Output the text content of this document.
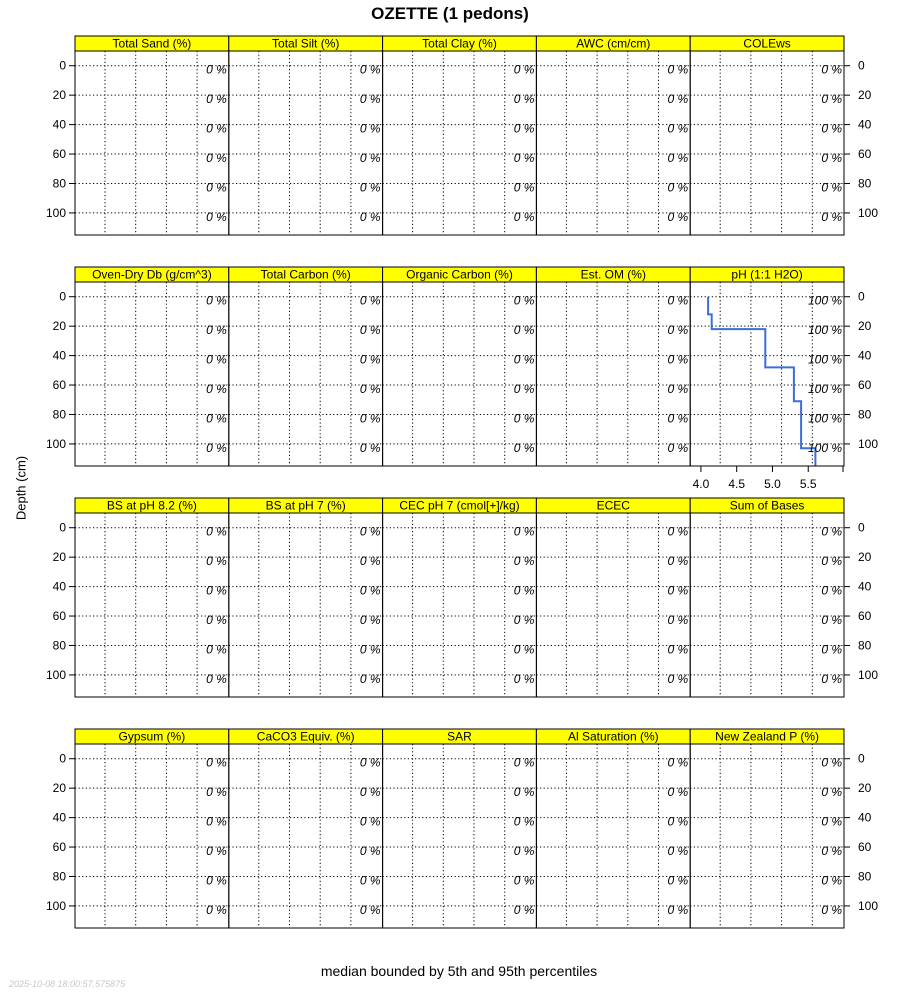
OZETTE (1 pedons)
Depth (cm)
Total Sand (%)
0 %
0 %
0 %
0 %
0 %
0 %
Total Silt (%)
0 %
0 %
0 %
0 %
0 %
0 %
Total Clay (%)
0 %
0 %
0 %
0 %
0 %
0 %
AWC (cm/cm)
0 %
0 %
0 %
0 %
0 %
0 %
COLEws
0 %
0 %
0 %
0 %
0 %
0 %
0	0
20	20
40	40
60	60
80	80
100	100
Oven-Dry Db (g/cm^3)
0 %
0 %
0 %
0 %
0 %
0 %
Total Carbon (%)
0 %
0 %
0 %
0 %
0 %
0 %
Organic Carbon (%)
0 %
0 %
0 %
0 %
0 %
0 %
Est. OM (%)
0 %
0 %
0 %
0 %
0 %
0 %
pH (1:1 H2O)
4.0 4.5 5.0 5.5
100 %
100 %
100 %
100 %
100 %
100 %
0	0
20	20
40	40
60	60
80	80
100	100
BS at pH 8.2 (%)
0 %
0 %
0 %
0 %
0 %
0 %
BS at pH 7 (%)
0 %
0 %
0 %
0 %
0 %
0 %
CEC pH 7 (cmol[+]/kg)
0 %
0 %
0 %
0 %
0 %
0 %
ECEC
0 %
0 %
0 %
0 %
0 %
0 %
Sum of Bases
0 %
0 %
0 %
0 %
0 %
0 %
0	0
20	20
40	40
60	60
80	80
100	100
Gypsum (%)
0 %
0 %
0 %
0 %
0 %
0 %
CaCO3 Equiv. (%)
0 %
0 %
0 %
0 %
0 %
0 %
SAR
0 %
0 %
0 %
0 %
0 %
0 %
Al Saturation (%)
0 %
0 %
0 %
0 %
0 %
0 %
New Zealand P (%)
0 %
0 %
0 %
0 %
0 %
0 %
0	0
20	20
40	40
60	60
80	80
100	100
median bounded by 5th and 95th percentiles
2025-10-08 18:00:57.575875
